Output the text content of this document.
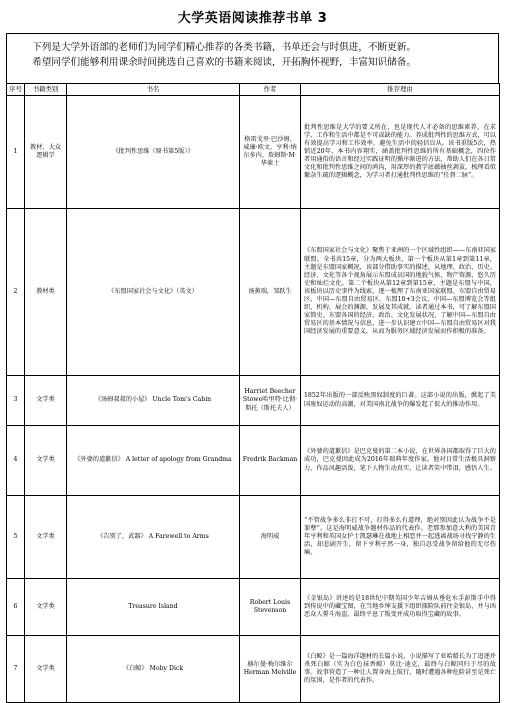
大学英语阅读推荐书单 3

下列是大学外语部的老师们为同学们精心推荐的各类书籍，书单还会与时俱进，不断更新。

希望同学们能够利用课余时间挑选自己喜欢的书籍来阅读，开拓胸怀视野，丰富知识储备。

序号	书籍类别	书名	作者	推荐理由
1	教材、大众逻辑学	《批判性思维（原书第5版）》	格雷戈里·巴沙姆、威廉·欧文、亨利·纳尔多内、詹姆斯·M·华莱士	批判性思维是大学的要义所在，也是现代人才必备的思维素养，在求学、工作和生活中都是不可或缺的能力。养成批判性的思维方式，可以有效提高学习和工作效率，避免生活中的轻信盲从。该书重版5次，热销近20年，本书内容翔实，涵盖批判性思维的所有基础概念，四位作者用通俗的语言和经过实践证明的循序渐进的方法，帮助人们在各日常文化和批判性思维之间的鸿沟，用深厚的教学底蕴抽丝剥茧，梳理看似繁杂生疏的逻辑概念，为学习者打通批判性思维的“任督二脉”。
2	教材类	《东盟国家社会与文化》（英文）	汤蕉瑞，邹跃生	《东盟国家社会与文化》聚焦于亚洲的一个区域性组织——东南亚国家联盟。全书共15章，分为两大板块，第一个板块从第1章到第11章，主题是东盟国家概况，该部分借助事实的描述，从地理、政治、历史、经济、文化等各个视角展示东盟成员国的地貌气候，物产资源，悠久历史和灿烂文化。第二个板块从第12章到第15章，主题是东盟与中国，该板块以历史事件为线索，逐一梳理了东南亚国家联盟、东盟自由贸易区、中国—东盟自由贸易区、东盟10+3会议、中国—东盟博览会等组织、机构、展会的渊源、发展及其成就。读者通过本书，可了解东盟国家简史、东盟各国的经济、政治、文化发展状况，了解中国—东盟自由贸易区的基本情况与信息，进一步认识建立中国—东盟自由贸易区对我国经济发展的重要意义，从而为服务区域经济发展而作积极的准备。
3	文学类	《汤姆叔叔的小屋》 Uncle Tom's Cabin	Harriet Beecher Stowe哈里特·比彻·斯托（斯托夫人）	1852年出版的一部反映黑奴制度的巨著。这部小说的出版，掀起了美国废奴运动的高潮，对美国南北战争的爆发起了很大的推动作用。
4	文学类	《外婆的道歉信》 A letter of apology from Grandma	Fredrik Backman	《外婆的道歉信》是巴克曼的第二本小说，在世界各国都取得了巨大的成功，巴克曼因此成为2016年瑞典年度作家。他对日常生活极具洞察力，作品风趣活泼，笔下人物生动真实，让读者笑中带泪，感悟人生。
5	文学类	《告别了，武器》 A Farewell to Arms	海明威	“不管战争多么非打不可，打得多么有道理，绝对别因此认为战争不是罪孽”。这是海明威战争题材作品的代表作。老那参加意大利的美国青年亨利和英国女护士凯瑟琳在战地上相恋并一起逃离战场寻找宁静的生活，却悲剧开生，留下亨利孑然一身，独自忍受战争留给他的无尽伤痛。
6	文学类	Treasure Island	Robert Louis Stevenson	《金银岛》讲述的是18世纪中期英国少年吉姆从垂危水手彭斯手中得到传说中的藏宝图，在当地乡绅支援下组织探险队前往金银岛，并与凶恶众人誓斗海盗，最终平息了叛变并成功取得宝藏的故事。
7	文学类	《白鲸》 Moby Dick	赫尔曼·梅尔维尔 Herman Melville	《白鲸》是一篇海洋题材的长篇小说，小说描写了亚哈船长为了追逐并杀死白鲸（实为白色抹香鲸）莫比·迪克，最终与白鲸同归于尽的故事。故事营造了一种让人置身海上航行，随时遭遇各种危险甚至是死亡的氛围，是作者的代表作。
